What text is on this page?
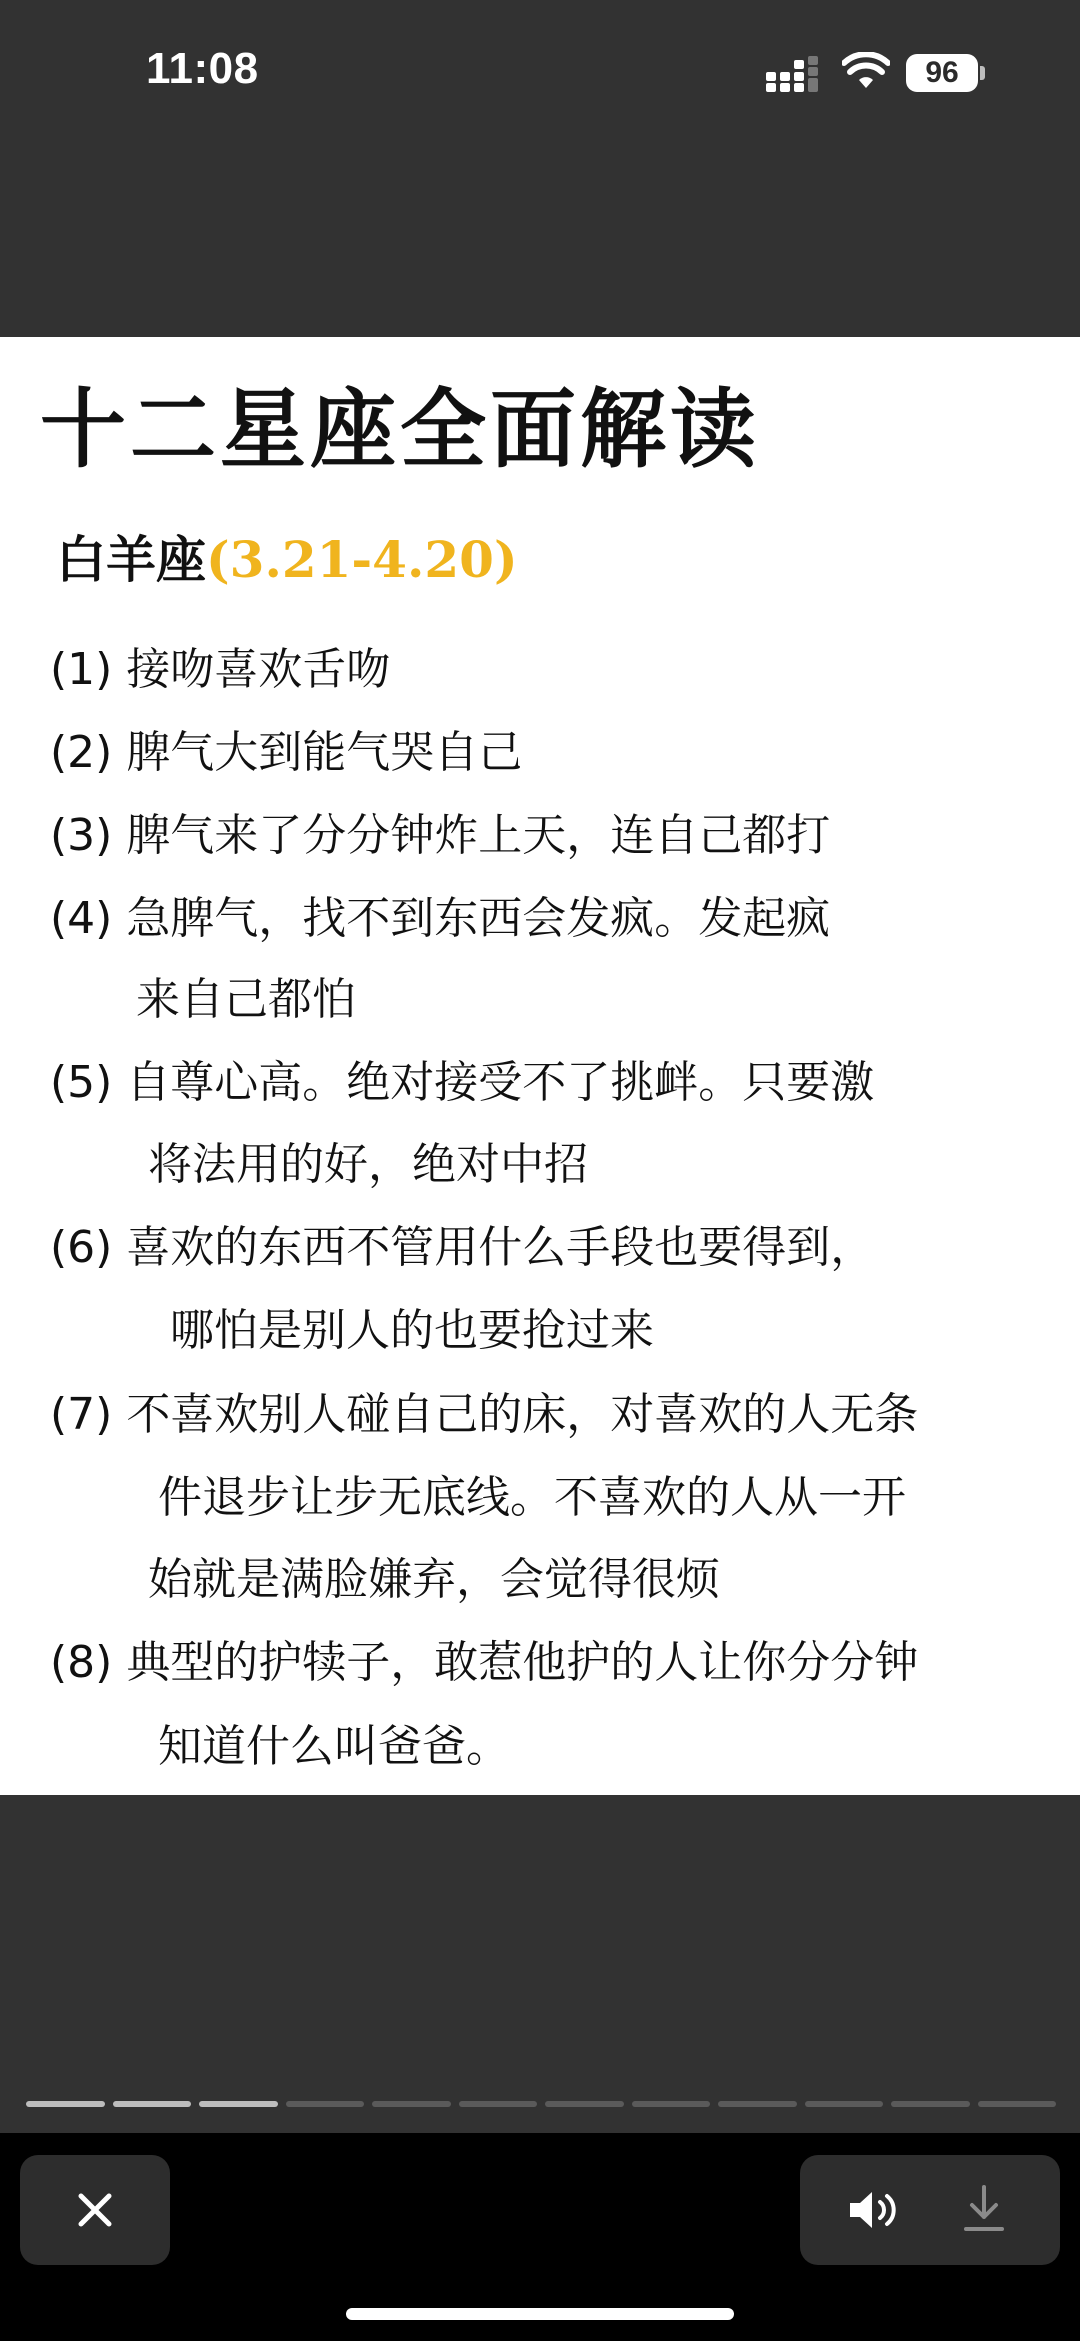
11:08	96
十二星座全面解读
白羊座(3.21-4.20)
(1) 接吻喜欢舌吻
(2) 脾气大到能气哭自己
(3) 脾气来了分分钟炸上天，连自己都打
(4) 急脾气，找不到东西会发疯。发起疯
来自己都怕
(5) 自尊心高。绝对接受不了挑衅。只要激
将法用的好，绝对中招
(6) 喜欢的东西不管用什么手段也要得到，
哪怕是别人的也要抢过来
(7) 不喜欢别人碰自己的床，对喜欢的人无条
件退步让步无底线。不喜欢的人从一开
始就是满脸嫌弃，会觉得很烦
(8) 典型的护犊子，敢惹他护的人让你分分钟
知道什么叫爸爸。
